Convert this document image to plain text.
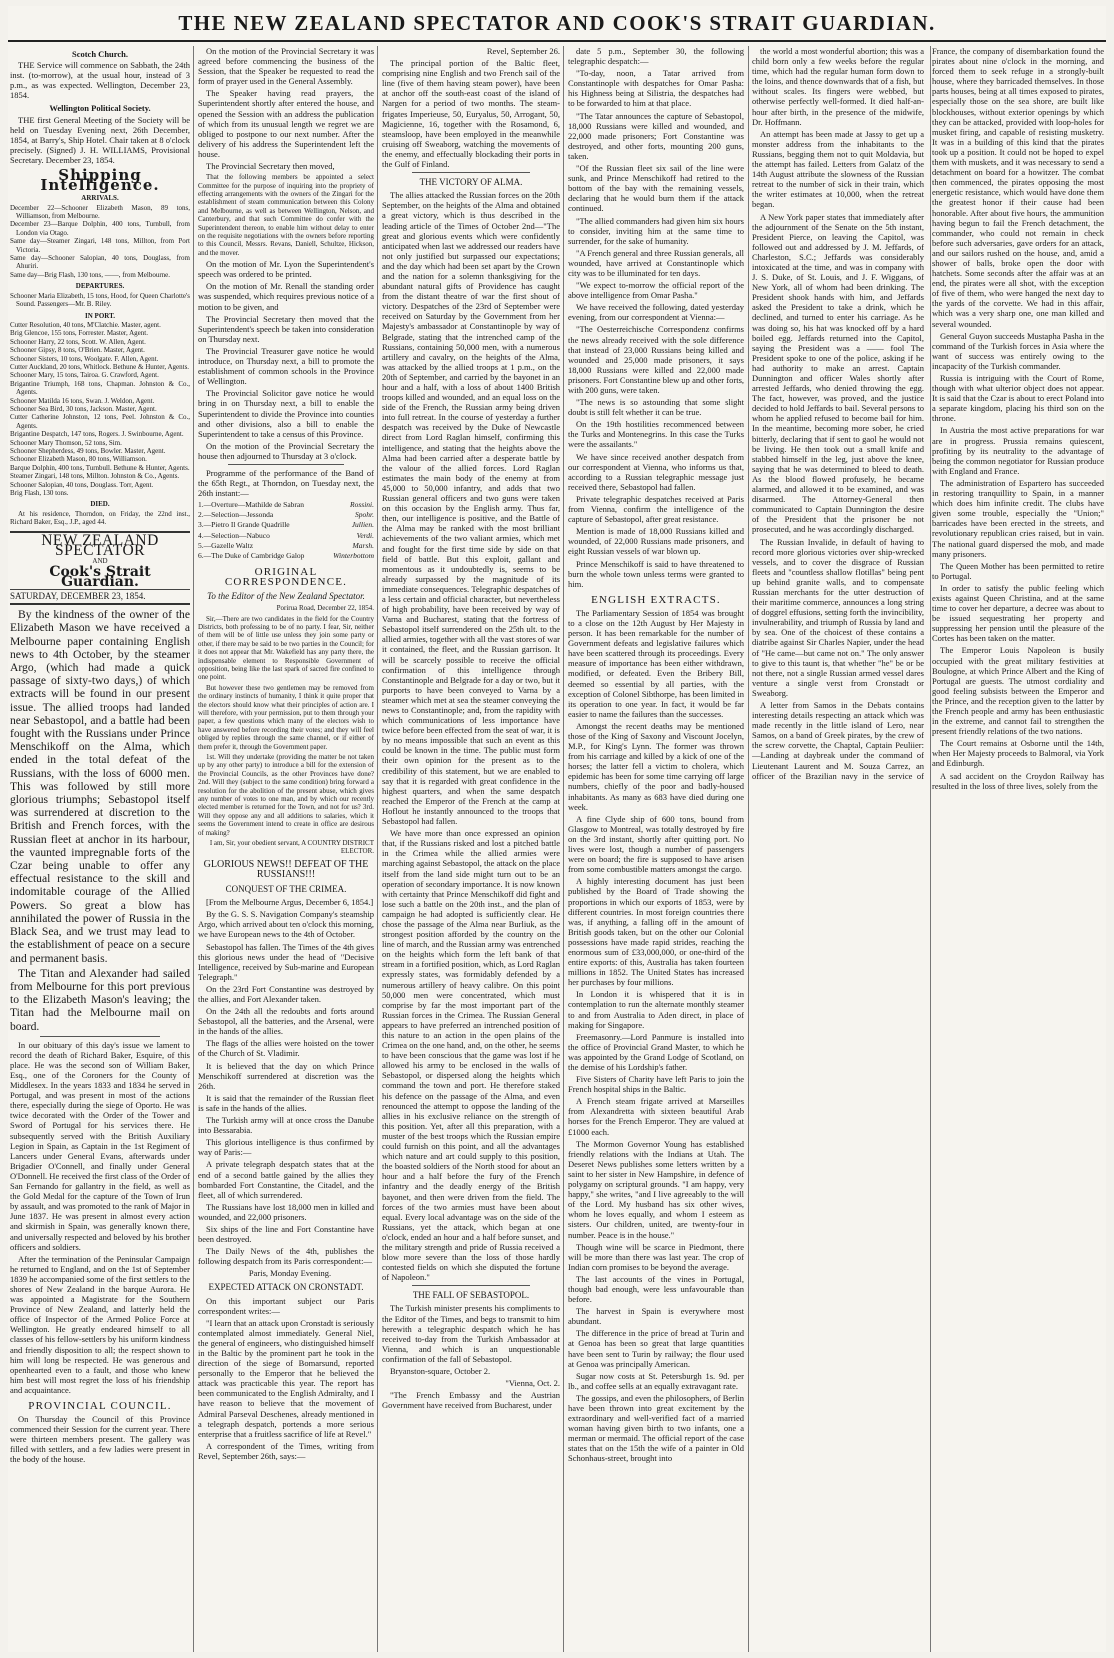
THE NEW ZEALAND SPECTATOR AND COOK'S STRAIT GUARDIAN.
Scotch Church.

THE Service will commence on Sabbath, the 24th inst. (to-morrow), at the usual hour, instead of 3 p.m., as was expected. Wellington, December 23, 1854.

Wellington Political Society.

THE first General Meeting of the Society will be held on Tuesday Evening next, 26th December, 1854, at Barry's, Ship Hotel. Chair taken at 8 o'clock precisely. (Signed) J. H. WILLIAMS, Provisional Secretary. December 23, 1854.

Shipping Intelligence.
ARRIVALS.

December 22—Schooner Elizabeth Mason, 89 tons, Williamson, from Melbourne.

December 23—Barque Dolphin, 400 tons, Turnbull, from London via Otago.

Same day—Steamer Zingari, 148 tons, Millton, from Port Victoria.

Same day—Schooner Salopian, 40 tons, Douglass, from Ahuriri.

Same day—Brig Flash, 130 tons, ——, from Melbourne.

DEPARTURES.

Schooner Maria Elizabeth, 15 tons, Hood, for Queen Charlotte's Sound. Passengers—Mr. B. Riley.

IN PORT.

Cutter Resolution, 40 tons, M'Clatchie. Master, agent.

Brig Glencoe, 155 tons, Forrester. Master, Agent.

Schooner Harry, 22 tons, Scott. W. Allen, Agent.

Schooner Gipsy, 8 tons, O'Brien. Master, Agent.

Schooner Sisters, 10 tons, Woolgate. F. Allen, Agent.

Cutter Auckland, 20 tons, Whitlock. Bethune & Hunter, Agents.

Schooner Mary, 15 tons, Tairoa. G. Crawford, Agent.

Brigantine Triumph, 168 tons, Chapman. Johnston & Co., Agents.

Schooner Matilda 16 tons, Swan. J. Weldon, Agent.

Schooner Sea Bird, 30 tons, Jackson. Master, Agent.

Cutter Catherine Johnston, 12 tons, Peel. Johnston & Co., Agents.

Brigantine Despatch, 147 tons, Rogers. J. Swinbourne, Agent.

Schooner Mary Thomson, 52 tons, Sim.

Schooner Shepherdess, 49 tons, Bowler. Master, Agent.

Schooner Elizabeth Mason, 80 tons, Williamson.

Barque Dolphin, 400 tons, Turnbull. Bethune & Hunter, Agents.

Steamer Zingari, 148 tons, Millton. Johnston & Co., Agents.

Schooner Salopian, 40 tons, Douglass. Torr, Agent.

Brig Flash, 130 tons.

DIED.

At his residence, Thorndon, on Friday, the 22nd inst., Richard Baker, Esq., J.P., aged 44.

NEW ZEALAND SPECTATOR
AND
Cook's Strait Guardian.
SATURDAY, DECEMBER 23, 1854.

By the kindness of the owner of the Elizabeth Mason we have received a Melbourne paper containing English news to 4th October, by the steamer Argo, (which had made a quick passage of sixty-two days,) of which extracts will be found in our present issue. The allied troops had landed near Sebastopol, and a battle had been fought with the Russians under Prince Menschikoff on the Alma, which ended in the total defeat of the Russians, with the loss of 6000 men. This was followed by still more glorious triumphs; Sebastopol itself was surrendered at discretion to the British and French forces, with the Russian fleet at anchor in its harbour, the vaunted impregnable forts of the Czar being unable to offer any effectual resistance to the skill and indomitable courage of the Allied Powers. So great a blow has annihilated the power of Russia in the Black Sea, and we trust may lead to the establishment of peace on a secure and permanent basis.

The Titan and Alexander had sailed from Melbourne for this port previous to the Elizabeth Mason's leaving; the Titan had the Melbourne mail on board.

In our obituary of this day's issue we lament to record the death of Richard Baker, Esquire, of this place. He was the second son of William Baker, Esq., one of the Coroners for the County of Middlesex. In the years 1833 and 1834 he served in Portugal, and was present in most of the actions there, especially during the siege of Oporto. He was twice decorated with the Order of the Tower and Sword of Portugal for his services there. He subsequently served with the British Auxiliary Legion in Spain, as Captain in the 1st Regiment of Lancers under General Evans, afterwards under Brigadier O'Connell, and finally under General O'Donnell. He received the first class of the Order of San Fernando for gallantry in the field, as well as the Gold Medal for the capture of the Town of Irun by assault, and was promoted to the rank of Major in June 1837. He was present in almost every action and skirmish in Spain, was generally known there, and universally respected and beloved by his brother officers and soldiers.

After the termination of the Peninsular Campaign he returned to England, and on the 1st of September 1839 he accompanied some of the first settlers to the shores of New Zealand in the barque Aurora. He was appointed a Magistrate for the Southern Province of New Zealand, and latterly held the office of Inspector of the Armed Police Force at Wellington. He greatly endeared himself to all classes of his fellow-settlers by his uniform kindness and friendly disposition to all; the respect shown to him will long be respected. He was generous and openhearted even to a fault, and those who knew him best will most regret the loss of his friendship and acquaintance.

PROVINCIAL COUNCIL.

On Thursday the Council of this Province commenced their Session for the current year. There were thirteen members present. The gallery was filled with settlers, and a few ladies were present in the body of the house.

On the motion of the Provincial Secretary it was agreed before commencing the business of the Session, that the Speaker be requested to read the form of prayer used in the General Assembly.

The Speaker having read prayers, the Superintendent shortly after entered the house, and opened the Session with an address the publication of which from its unusual length we regret we are obliged to postpone to our next number. After the delivery of his address the Superintendent left the house.

The Provincial Secretary then moved,

That the following members be appointed a select Committee for the purpose of inquiring into the propriety of effecting arrangements with the owners of the Zingari for the establishment of steam communication between this Colony and Melbourne, as well as between Wellington, Nelson, and Canterbury, and that such Committee do confer with the Superintendent thereon, to enable him without delay to enter on the requisite negotiations with the owners before reporting to this Council, Messrs. Revans, Daniell, Schultze, Hickson, and the mover.

On the motion of Mr. Lyon the Superintendent's speech was ordered to be printed.

On the motion of Mr. Renall the standing order was suspended, which requires previous notice of a motion to be given, and

The Provincial Secretary then moved that the Superintendent's speech be taken into consideration on Thursday next.

The Provincial Treasurer gave notice he would introduce, on Thursday next, a bill to promote the establishment of common schools in the Province of Wellington.

The Provincial Solicitor gave notice he would bring in on Thursday next, a bill to enable the Superintendent to divide the Province into counties and other divisions, also a bill to enable the Superintendent to take a census of this Province.

On the motion of the Provincial Secretary the house then adjourned to Thursday at 3 o'clock.

Programme of the performance of the Band of the 65th Regt., at Thorndon, on Tuesday next, the 26th instant:—

1.—Overture—Mathilde de Sabran	Rossini.
2.—Selection—Jessonda	Spohr.
3.—Pietro Il Grande Quadrille	Jullien.
4.—Selection—Nabuco	Verdi.
5.—Gazelle Waltz	Marsh.
6.—The Duke of Cambridge Galop	Winterbottom
ORIGINAL CORRESPONDENCE.
To the Editor of the New Zealand Spectator.

Porirua Road, December 22, 1854.

Sir,—There are two candidates in the field for the Country Districts, both professing to be of no party. I fear, Sir, neither of them will be of little use unless they join some party or other, if there may be said to be two parties in the Council; for it does not appear that Mr. Wakefield has any party there, the indispensable element to Responsible Government of opposition, being like the last spark of sacred fire confined to one point.

But however these two gentlemen may be removed from the ordinary instincts of humanity, I think it quite proper that the electors should know what their principles of action are. I will therefore, with your permission, put to them through your paper, a few questions which many of the electors wish to have answered before recording their votes; and they will feel obliged by replies through the same channel, or if either of them prefer it, through the Government paper.

1st. Will they undertake (providing the matter be not taken up by any other party) to introduce a bill for the extension of the Provincial Councils, as the other Provinces have done? 2nd. Will they (subject to the same condition) bring forward a resolution for the abolition of the present abuse, which gives any number of votes to one man, and by which our recently elected member is returned for the Town, and not for us? 3rd. Will they oppose any and all additions to salaries, which it seems the Government intend to create in office are desirous of making?

I am, Sir, your obedient servant, A COUNTRY DISTRICT ELECTOR.

GLORIOUS NEWS!! DEFEAT OF THE RUSSIANS!!!
CONQUEST OF THE CRIMEA.

[From the Melbourne Argus, December 6, 1854.]

By the G. S. S. Navigation Company's steamship Argo, which arrived about ten o'clock this morning, we have European news to the 4th of October.

Sebastopol has fallen. The Times of the 4th gives this glorious news under the head of "Decisive Intelligence, received by Sub-marine and European Telegraph."

On the 23rd Fort Constantine was destroyed by the allies, and Fort Alexander taken.

On the 24th all the redoubts and forts around Sebastopol, all the batteries, and the Arsenal, were in the hands of the allies.

The flags of the allies were hoisted on the tower of the Church of St. Vladimir.

It is believed that the day on which Prince Menschikoff surrendered at discretion was the 26th.

It is said that the remainder of the Russian fleet is safe in the hands of the allies.

The Turkish army will at once cross the Danube into Bessarabia.

This glorious intelligence is thus confirmed by way of Paris:—

A private telegraph despatch states that at the end of a second battle gained by the allies they bombarded Fort Constantine, the Citadel, and the fleet, all of which surrendered.

The Russians have lost 18,000 men in killed and wounded, and 22,000 prisoners.

Six ships of the line and Fort Constantine have been destroyed.

The Daily News of the 4th, publishes the following despatch from its Paris correspondent:—

Paris, Monday Evening.

EXPECTED ATTACK ON CRONSTADT.

On this important subject our Paris correspondent writes:—

"I learn that an attack upon Cronstadt is seriously contemplated almost immediately. General Niel, the general of engineers, who distinguished himself in the Baltic by the prominent part he took in the direction of the siege of Bomarsund, reported personally to the Emperor that he believed the attack was practicable this year. The report has been communicated to the English Admiralty, and I have reason to believe that the movement of Admiral Parseval Deschenes, already mentioned in a telegraph despatch, portends a more serious enterprise that a fruitless sacrifice of life at Revel."

A correspondent of the Times, writing from Revel, September 26th, says:—

Revel, September 26.

The principal portion of the Baltic fleet, comprising nine English and two French sail of the line (five of them having steam power), have been at anchor off the south-east coast of the island of Nargen for a period of two months. The steam-frigates Imperieuse, 50, Euryalus, 50, Arrogant, 50, Magicienne, 16, together with the Rosamond, 6, steamsloop, have been employed in the meanwhile cruising off Sweaborg, watching the movements of the enemy, and effectually blockading their ports in the Gulf of Finland.

THE VICTORY OF ALMA.

The allies attacked the Russian forces on the 20th September, on the heights of the Alma and obtained a great victory, which is thus described in the leading article of the Times of October 2nd—"The great and glorious events which were confidently anticipated when last we addressed our readers have not only justified but surpassed our expectations; and the day which had been set apart by the Crown and the nation for a solemn thanksgiving for the abundant natural gifts of Providence has caught from the distant theatre of war the first shout of victory. Despatches of the 23rd of September were received on Saturday by the Government from her Majesty's ambassador at Constantinople by way of Belgrade, stating that the intrenched camp of the Russians, containing 50,000 men, with a numerous artillery and cavalry, on the heights of the Alma, was attacked by the allied troops at 1 p.m., on the 20th of September, and carried by the bayonet in an hour and a half, with a loss of about 1400 British troops killed and wounded, and an equal loss on the side of the French, the Russian army being driven into full retreat. In the course of yesterday a further despatch was received by the Duke of Newcastle direct from Lord Raglan himself, confirming this intelligence, and stating that the heights above the Alma had been carried after a desperate battle by the valour of the allied forces. Lord Raglan estimates the main body of the enemy at from 45,000 to 50,000 infantry, and adds that two Russian general officers and two guns were taken on this occasion by the English army. Thus far, then, our intelligence is positive, and the Battle of the Alma may be ranked with the most brilliant achievements of the two valiant armies, which met and fought for the first time side by side on that field of battle. But this exploit, gallant and momentous as it undoubtedly is, seems to be already surpassed by the magnitude of its immediate consequences. Telegraphic despatches of a less certain and official character, but nevertheless of high probability, have been received by way of Varna and Bucharest, stating that the fortress of Sebastopol itself surrendered on the 25th ult. to the allied armies, together with all the vast stores of war it contained, the fleet, and the Russian garrison. It will be scarcely possible to receive the official confirmation of this intelligence through Constantinople and Belgrade for a day or two, but it purports to have been conveyed to Varna by a steamer which met at sea the steamer conveying the news to Constantinople; and, from the rapidity with which communications of less importance have twice before been effected from the seat of war, it is by no means impossible that such an event as this could be known in the time. The public must form their own opinion for the present as to the credibility of this statement, but we are enabled to say that it is regarded with great confidence in the highest quarters, and when the same despatch reached the Emperor of the French at the camp at Hoflout he instantly announced to the troops that Sebastopol had fallen.

We have more than once expressed an opinion that, if the Russians risked and lost a pitched battle in the Crimea while the allied armies were marching against Sebastopol, the attack on the place itself from the land side might turn out to be an operation of secondary importance. It is now known with certainty that Prince Menschikoff did fight and lose such a battle on the 20th inst., and the plan of campaign he had adopted is sufficiently clear. He chose the passage of the Alma near Burliuk, as the strongest position afforded by the country on the line of march, and the Russian army was entrenched on the heights which form the left bank of that stream in a fortified position, which, as Lord Raglan expressly states, was formidably defended by a numerous artillery of heavy calibre. On this point 50,000 men were concentrated, which must comprise by far the most important part of the Russian forces in the Crimea. The Russian General appears to have preferred an intrenched position of this nature to an action in the open plains of the Crimea on the one hand, and, on the other, he seems to have been conscious that the game was lost if he allowed his army to be enclosed in the walls of Sebastopol, or dispersed along the heights which command the town and port. He therefore staked his defence on the passage of the Alma, and even renounced the attempt to oppose the landing of the allies in his exclusive reliance on the strength of this position. Yet, after all this preparation, with a muster of the best troops which the Russian empire could furnish on this point, and all the advantages which nature and art could supply to this position, the boasted soldiers of the North stood for about an hour and a half before the fury of the French infantry and the deadly energy of the British bayonet, and then were driven from the field. The forces of the two armies must have been about equal. Every local advantage was on the side of the Russians, yet the attack, which began at one o'clock, ended an hour and a half before sunset, and the military strength and pride of Russia received a blow more severe than the loss of those hardly contested fields on which she disputed the fortune of Napoleon."

THE FALL OF SEBASTOPOL.

The Turkish minister presents his compliments to the Editor of the Times, and begs to transmit to him herewith a telegraphic despatch which he has received to-day from the Turkish Ambassador at Vienna, and which is an unquestionable confirmation of the fall of Sebastopol.

Bryanston-square, October 2.

"Vienna, Oct. 2.

"The French Embassy and the Austrian Government have received from Bucharest, under

date 5 p.m., September 30, the following telegraphic despatch:—

"To-day, noon, a Tatar arrived from Constantinople with despatches for Omar Pasha: his Highness being at Silistria, the despatches had to be forwarded to him at that place.

"The Tatar announces the capture of Sebastopol, 18,000 Russians were killed and wounded, and 22,000 made prisoners; Fort Constantine was destroyed, and other forts, mounting 200 guns, taken.

"Of the Russian fleet six sail of the line were sunk, and Prince Menschikoff had retired to the bottom of the bay with the remaining vessels, declaring that he would burn them if the attack continued.

"The allied commanders had given him six hours to consider, inviting him at the same time to surrender, for the sake of humanity.

"A French general and three Russian generals, all wounded, have arrived at Constantinople which city was to be illuminated for ten days.

"We expect to-morrow the official report of the above intelligence from Omar Pasha."

We have received the following, dated yesterday evening, from our correspondent at Vienna:—

"The Oesterreichische Correspondenz confirms the news already received with the sole difference that instead of 23,000 Russians being killed and wounded and 25,000 made prisoners, it says 18,000 Russians were killed and 22,000 made prisoners. Fort Constantine blew up and other forts, with 200 guns, were taken.

"The news is so astounding that some slight doubt is still felt whether it can be true.

On the 19th hostilities recommenced between the Turks and Montenegrins. In this case the Turks were the assailants."

We have since received another despatch from our correspondent at Vienna, who informs us that, according to a Russian telegraphic message just received there, Sebastopol had fallen.

Private telegraphic despatches received at Paris from Vienna, confirm the intelligence of the capture of Sebastopol, after great resistance.

Mention is made of 18,000 Russians killed and wounded, of 22,000 Russians made prisoners, and eight Russian vessels of war blown up.

Prince Menschikoff is said to have threatened to burn the whole town unless terms were granted to him.

ENGLISH EXTRACTS.

The Parliamentary Session of 1854 was brought to a close on the 12th August by Her Majesty in person. It has been remarkable for the number of Government defeats and legislative failures which have been scattered through its proceedings. Every measure of importance has been either withdrawn, modified, or defeated. Even the Bribery Bill, deemed so essential by all parties, with the exception of Colonel Sibthorpe, has been limited in its operation to one year. In fact, it would be far easier to name the failures than the successes.

Amongst the recent deaths may be mentioned those of the King of Saxony and Viscount Jocelyn, M.P., for King's Lynn. The former was thrown from his carriage and killed by a kick of one of the horses; the latter fell a victim to cholera, which epidemic has been for some time carrying off large numbers, chiefly of the poor and badly-housed inhabitants. As many as 683 have died during one week.

A fine Clyde ship of 600 tons, bound from Glasgow to Montreal, was totally destroyed by fire on the 3rd instant, shortly after quitting port. No lives were lost, though a number of passengers were on board; the fire is supposed to have arisen from some combustible matters amongst the cargo.

A highly interesting document has just been published by the Board of Trade showing the proportions in which our exports of 1853, were by different countries. In most foreign countries there was, if anything, a falling off in the amount of British goods taken, but on the other our Colonial possessions have made rapid strides, reaching the enormous sum of £33,000,000, or one-third of the entire exports: of this, Australia has taken fourteen millions in 1852. The United States has increased her purchases by four millions.

In London it is whispered that it is in contemplation to run the alternate monthly steamer to and from Australia to Aden direct, in place of making for Singapore.

Freemasonry.—Lord Panmure is installed into the office of Provincial Grand Master, to which he was appointed by the Grand Lodge of Scotland, on the demise of his Lordship's father.

Five Sisters of Charity have left Paris to join the French hospital ships in the Baltic.

A French steam frigate arrived at Marseilles from Alexandretta with sixteen beautiful Arab horses for the French Emperor. They are valued at £1000 each.

The Mormon Governor Young has established friendly relations with the Indians at Utah. The Deseret News publishes some letters written by a saint to her sister in New Hampshire, in defence of polygamy on scriptural grounds. "I am happy, very happy," she writes, "and I live agreeably to the will of the Lord. My husband has six other wives, whom he loves equally, and whom I esteem as sisters. Our children, united, are twenty-four in number. Peace is in the house."

Though wine will be scarce in Piedmont, there will be more than there was last year. The crop of Indian corn promises to be beyond the average.

The last accounts of the vines in Portugal, though bad enough, were less unfavourable than before.

The harvest in Spain is everywhere most abundant.

The difference in the price of bread at Turin and at Genoa has been so great that large quantities have been sent to Turin by railway; the flour used at Genoa was principally American.

Sugar now costs at St. Petersburgh 1s. 9d. per lb., and coffee sells at an equally extravagant rate.

The gossips, and even the philosophers, of Berlin have been thrown into great excitement by the extraordinary and well-verified fact of a married woman having given birth to two infants, one a merman or mermaid. The official report of the case states that on the 15th the wife of a painter in Old Schonhaus-street, brought into

the world a most wonderful abortion; this was a child born only a few weeks before the regular time, which had the regular human form down to the loins, and thence downwards that of a fish, but without scales. Its fingers were webbed, but otherwise perfectly well-formed. It died half-an-hour after birth, in the presence of the midwife, Dr. Hoffmann.

An attempt has been made at Jassy to get up a monster address from the inhabitants to the Russians, begging them not to quit Moldavia, but the attempt has failed. Letters from Galatz of the 14th August attribute the slowness of the Russian retreat to the number of sick in their train, which the writer estimates at 10,000, when the retreat began.

A New York paper states that immediately after the adjournment of the Senate on the 5th instant, President Pierce, on leaving the Capitol, was followed out and addressed by J. M. Jeffards, of Charleston, S.C.; Jeffards was considerably intoxicated at the time, and was in company with J. S. Duke, of St. Louis, and J. F. Wiggans, of New York, all of whom had been drinking. The President shook hands with him, and Jeffards asked the President to take a drink, which he declined, and turned to enter his carriage. As he was doing so, his hat was knocked off by a hard boiled egg. Jeffards returned into the Capitol, saying the President was a —— fool The President spoke to one of the police, asking if he had authority to make an arrest. Captain Dunnington and officer Wales shortly after arrested Jeffards, who denied throwing the egg. The fact, however, was proved, and the justice decided to hold Jeffards to bail. Several persons to whom he applied refused to become bail for him. In the meantime, becoming more sober, he cried bitterly, declaring that if sent to gaol he would not be living. He then took out a small knife and stabbed himself in the leg, just above the knee, saying that he was determined to bleed to death. As the blood flowed profusely, he became alarmed, and allowed it to be examined, and was disarmed. The Attorney-General then communicated to Captain Dunnington the desire of the President that the prisoner be not prosecuted, and he was accordingly discharged.

The Russian Invalide, in default of having to record more glorious victories over ship-wrecked vessels, and to cover the disgrace of Russian fleets and "countless shallow flotillas" being pent up behind granite walls, and to compensate Russian merchants for the utter destruction of their maritime commerce, announces a long string of doggrel effusions, setting forth the invincibility, invulnerability, and triumph of Russia by land and by sea. One of the choicest of these contains a diatribe against Sir Charles Napier, under the head of "He came—but came not on." The only answer to give to this taunt is, that whether "he" be or be not there, not a single Russian armed vessel dares venture a single verst from Cronstadt or Sweaborg.

A letter from Samos in the Debats contains interesting details respecting an attack which was made recently in the little island of Lero, near Samos, on a band of Greek pirates, by the crew of the screw corvette, the Chaptal, Captain Peuliier:—Landing at daybreak under the command of Lieutenant Laurent and M. Souza Carrez, an officer of the Brazilian navy in the service of France, the company of disembarkation found the pirates about nine o'clock in the morning, and forced them to seek refuge in a strongly-built house, where they barricaded themselves. In those parts houses, being at all times exposed to pirates, especially those on the sea shore, are built like blockhouses, without exterior openings by which they can be attacked, provided with loop-holes for musket firing, and capable of resisting musketry. It was in a building of this kind that the pirates took up a position. It could not be hoped to expel them with muskets, and it was necessary to send a detachment on board for a howitzer. The combat then commenced, the pirates opposing the most energetic resistance, which would have done them the greatest honor if their cause had been honorable. After about five hours, the ammunition having begun to fail the French detachment, the commander, who could not remain in check before such adversaries, gave orders for an attack, and our sailors rushed on the house, and, amid a shower of balls, broke open the door with hatchets. Some seconds after the affair was at an end, the pirates were all shot, with the exception of five of them, who were hanged the next day to the yards of the corvette. We had in this affair, which was a very sharp one, one man killed and several wounded.

General Guyon succeeds Mustapha Pasha in the command of the Turkish forces in Asia where the want of success was entirely owing to the incapacity of the Turkish commander.

Russia is intriguing with the Court of Rome, though with what ulterior object does not appear. It is said that the Czar is about to erect Poland into a separate kingdom, placing his third son on the throne.

In Austria the most active preparations for war are in progress. Prussia remains quiescent, profiting by its neutrality to the advantage of being the common negotiator for Russian produce with England and France.

The administration of Espartero has succeeded in restoring tranquillity to Spain, in a manner which does him infinite credit. The clubs have given some trouble, especially the "Union;" barricades have been erected in the streets, and revolutionary republican cries raised, but in vain. The national guard dispersed the mob, and made many prisoners.

The Queen Mother has been permitted to retire to Portugal.

In order to satisfy the public feeling which exists against Queen Christina, and at the same time to cover her departure, a decree was about to be issued sequestrating her property and suppressing her pension until the pleasure of the Cortes has been taken on the matter.

The Emperor Louis Napoleon is busily occupied with the great military festivities at Boulogne, at which Prince Albert and the King of Portugal are guests. The utmost cordiality and good feeling subsists between the Emperor and the Prince, and the reception given to the latter by the French people and army has been enthusiastic in the extreme, and cannot fail to strengthen the present friendly relations of the two nations.

The Court remains at Osborne until the 14th, when Her Majesty proceeds to Balmoral, via York and Edinburgh.

A sad accident on the Croydon Railway has resulted in the loss of three lives, solely from the
